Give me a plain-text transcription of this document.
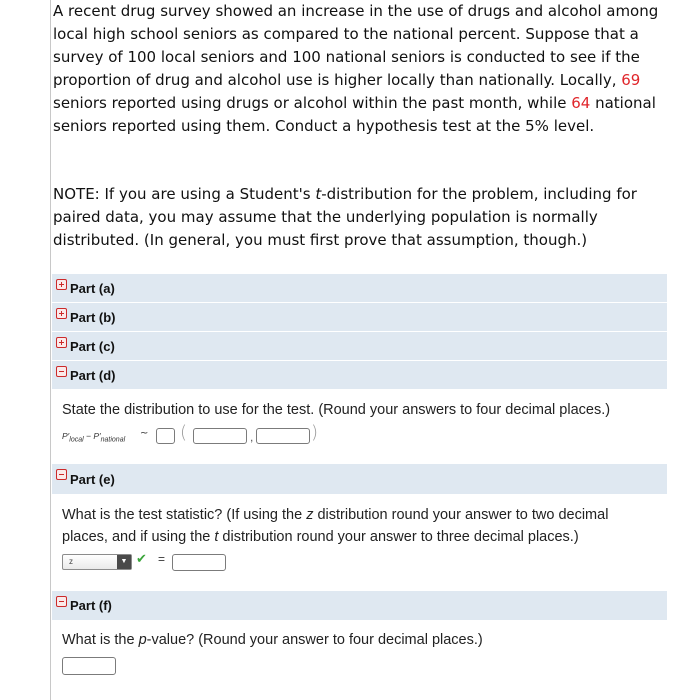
A recent drug survey showed an increase in the use of drugs and alcohol among local high school seniors as compared to the national percent. Suppose that a survey of 100 local seniors and 100 national seniors is conducted to see if the proportion of drug and alcohol use is higher locally than nationally. Locally, 69 seniors reported using drugs or alcohol within the past month, while 64 national seniors reported using them. Conduct a hypothesis test at the 5% level.

NOTE: If you are using a Student's t-distribution for the problem, including for paired data, you may assume that the underlying population is normally distributed. (In general, you must first prove that assumption, though.)
Part (a)
Part (b)
Part (c)
Part (d)
State the distribution to use for the test. (Round your answers to four decimal places.)
$P'_{local} - P'_{national}$
~ (	,	)
Part (e)
What is the test statistic? (If using the z distribution round your answer to two decimal places, and if using the t distribution round your answer to three decimal places.)
z	▼ ✔ =
Part (f)
What is the p-value? (Round your answer to four decimal places.)
